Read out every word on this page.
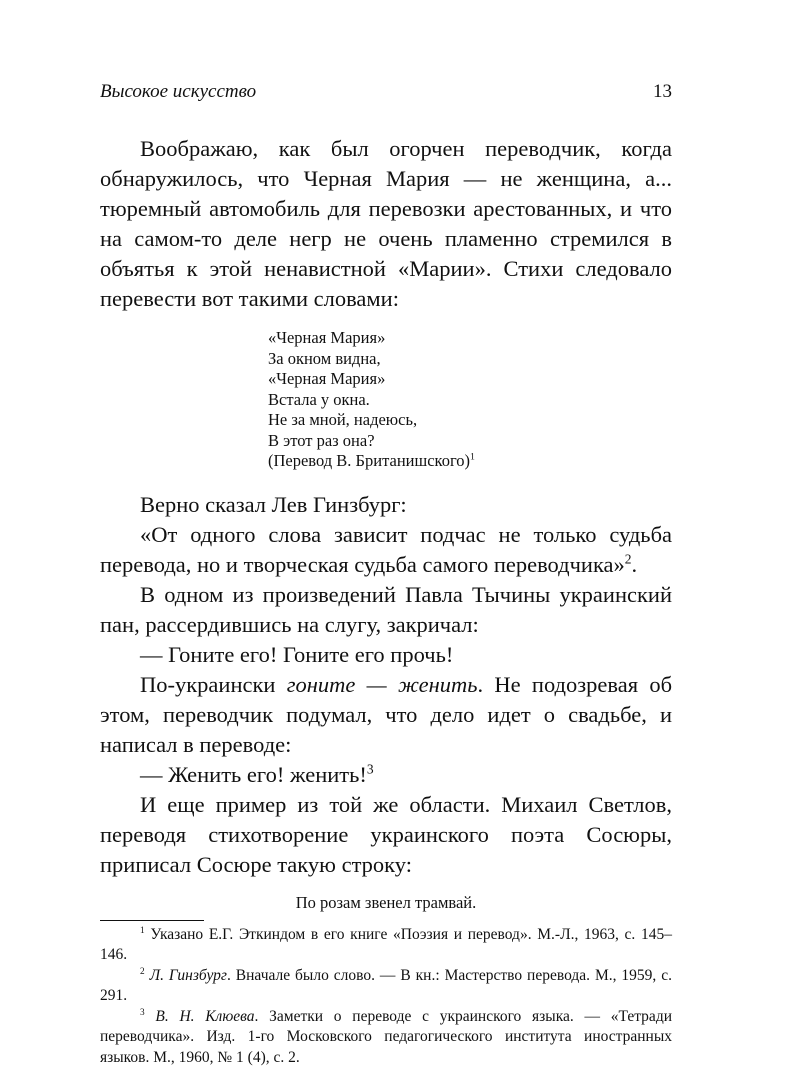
Высокое искусство	13

Воображаю, как был огорчен переводчик, когда обнаружилось, что Черная Мария — не женщина, а... тюремный автомобиль для перевозки арестованных, и что на самом-то деле негр не очень пламенно стремился в объятья к этой ненавистной «Марии». Стихи следовало перевести вот такими словами:

«Черная Мария»
За окном видна,
«Черная Мария»
Встала у окна.
Не за мной, надеюсь,
В этот раз она?
(Перевод В. Британишского)$^1$

Верно сказал Лев Гинзбург:

«От одного слова зависит подчас не только судьба перевода, но и творческая судьба самого переводчика»$^2$.

В одном из произведений Павла Тычины украинский пан, рассердившись на слугу, закричал:

— Гоните его! Гоните его прочь!

По-украински гоните — женить. Не подозревая об этом, переводчик подумал, что дело идет о свадьбе, и написал в переводе:

— Женить его! женить!$^3$

И еще пример из той же области. Михаил Светлов, переводя стихотворение украинского поэта Сосюры, приписал Сосюре такую строку:

По розам звенел трамвай.

$^1$ Указано Е.Г. Эткиндом в его книге «Поэзия и перевод». М.-Л., 1963, с. 145–146.

$^2$ Л. Гинзбург. Вначале было слово. — В кн.: Мастерство перевода. М., 1959, с. 291.

$^3$ В. Н. Клюева. Заметки о переводе с украинского языка. — «Тетради переводчика». Изд. 1-го Московского педагогического института иностранных языков. М., 1960, № 1 (4), с. 2.
